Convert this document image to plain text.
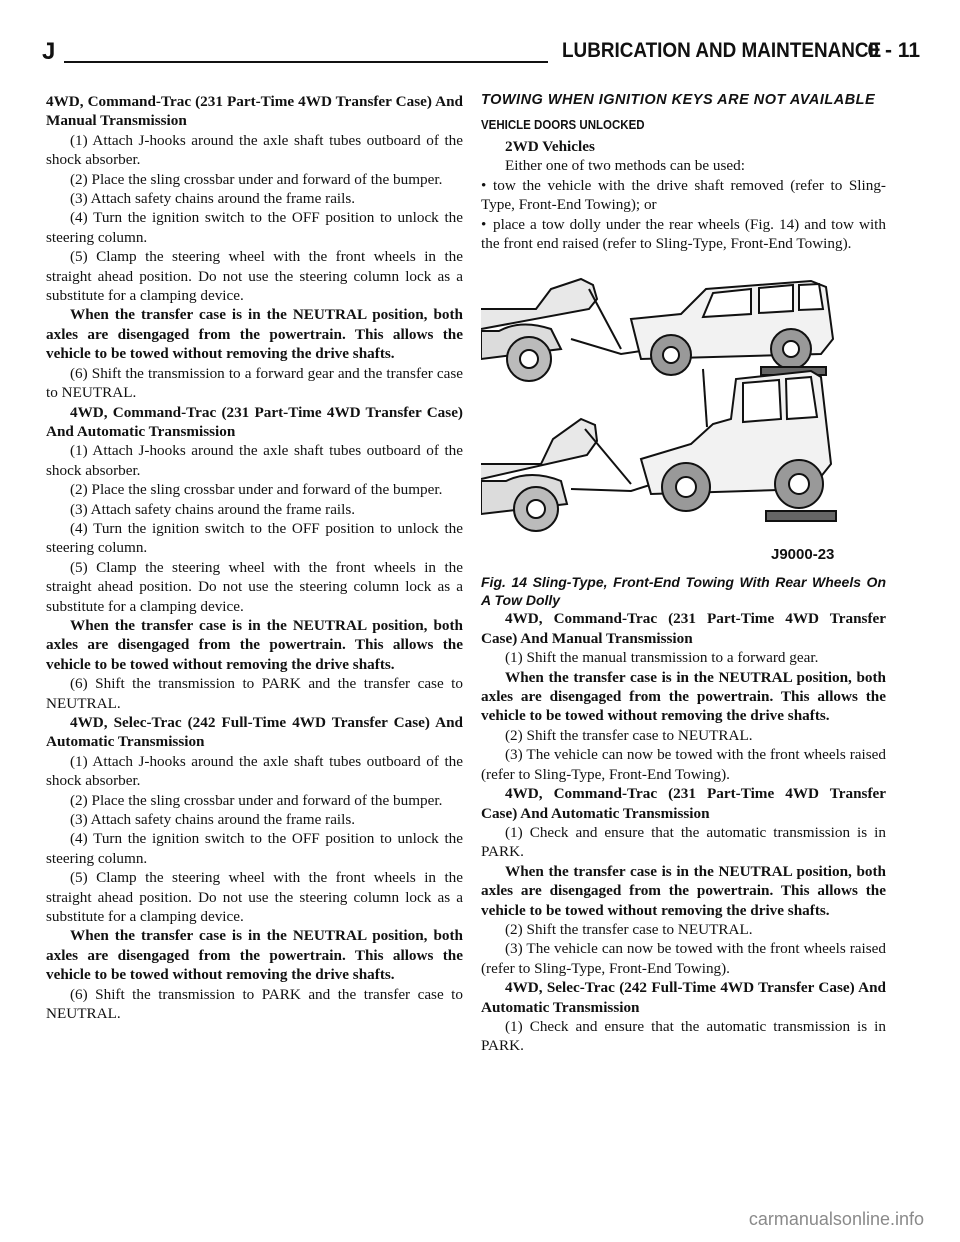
J	LUBRICATION AND MAINTENANCE
0 - 11

4WD, Command-Trac (231 Part-Time 4WD Transfer Case) And Manual Transmission

(1) Attach J-hooks around the axle shaft tubes outboard of the shock absorber.

(2) Place the sling crossbar under and forward of the bumper.

(3) Attach safety chains around the frame rails.

(4) Turn the ignition switch to the OFF position to unlock the steering column.

(5) Clamp the steering wheel with the front wheels in the straight ahead position. Do not use the steering column lock as a substitute for a clamping device.

When the transfer case is in the NEUTRAL position, both axles are disengaged from the powertrain. This allows the vehicle to be towed without removing the drive shafts.

(6) Shift the transmission to a forward gear and the transfer case to NEUTRAL.

4WD, Command-Trac (231 Part-Time 4WD Transfer Case) And Automatic Transmission

(1) Attach J-hooks around the axle shaft tubes outboard of the shock absorber.

(2) Place the sling crossbar under and forward of the bumper.

(3) Attach safety chains around the frame rails.

(4) Turn the ignition switch to the OFF position to unlock the steering column.

(5) Clamp the steering wheel with the front wheels in the straight ahead position. Do not use the steering column lock as a substitute for a clamping device.

When the transfer case is in the NEUTRAL position, both axles are disengaged from the powertrain. This allows the vehicle to be towed without removing the drive shafts.

(6) Shift the transmission to PARK and the transfer case to NEUTRAL.

4WD, Selec-Trac (242 Full-Time 4WD Transfer Case) And Automatic Transmission

(1) Attach J-hooks around the axle shaft tubes outboard of the shock absorber.

(2) Place the sling crossbar under and forward of the bumper.

(3) Attach safety chains around the frame rails.

(4) Turn the ignition switch to the OFF position to unlock the steering column.

(5) Clamp the steering wheel with the front wheels in the straight ahead position. Do not use the steering column lock as a substitute for a clamping device.

When the transfer case is in the NEUTRAL position, both axles are disengaged from the powertrain. This allows the vehicle to be towed without removing the drive shafts.

(6) Shift the transmission to PARK and the transfer case to NEUTRAL.

TOWING WHEN IGNITION KEYS ARE NOT AVAILABLE
VEHICLE DOORS UNLOCKED

2WD Vehicles

Either one of two methods can be used:

• tow the vehicle with the drive shaft removed (refer to Sling-Type, Front-End Towing); or

• place a tow dolly under the rear wheels (Fig. 14) and tow with the front end raised (refer to Sling-Type, Front-End Towing).

J9000-23

Fig. 14 Sling-Type, Front-End Towing With Rear Wheels On A Tow Dolly

4WD, Command-Trac (231 Part-Time 4WD Transfer Case) And Manual Transmission

(1) Shift the manual transmission to a forward gear.

When the transfer case is in the NEUTRAL position, both axles are disengaged from the powertrain. This allows the vehicle to be towed without removing the drive shafts.

(2) Shift the transfer case to NEUTRAL.

(3) The vehicle can now be towed with the front wheels raised (refer to Sling-Type, Front-End Towing).

4WD, Command-Trac (231 Part-Time 4WD Transfer Case) And Automatic Transmission

(1) Check and ensure that the automatic transmission is in PARK.

When the transfer case is in the NEUTRAL position, both axles are disengaged from the powertrain. This allows the vehicle to be towed without removing the drive shafts.

(2) Shift the transfer case to NEUTRAL.

(3) The vehicle can now be towed with the front wheels raised (refer to Sling-Type, Front-End Towing).

4WD, Selec-Trac (242 Full-Time 4WD Transfer Case) And Automatic Transmission

(1) Check and ensure that the automatic transmission is in PARK.

carmanualsonline.info
